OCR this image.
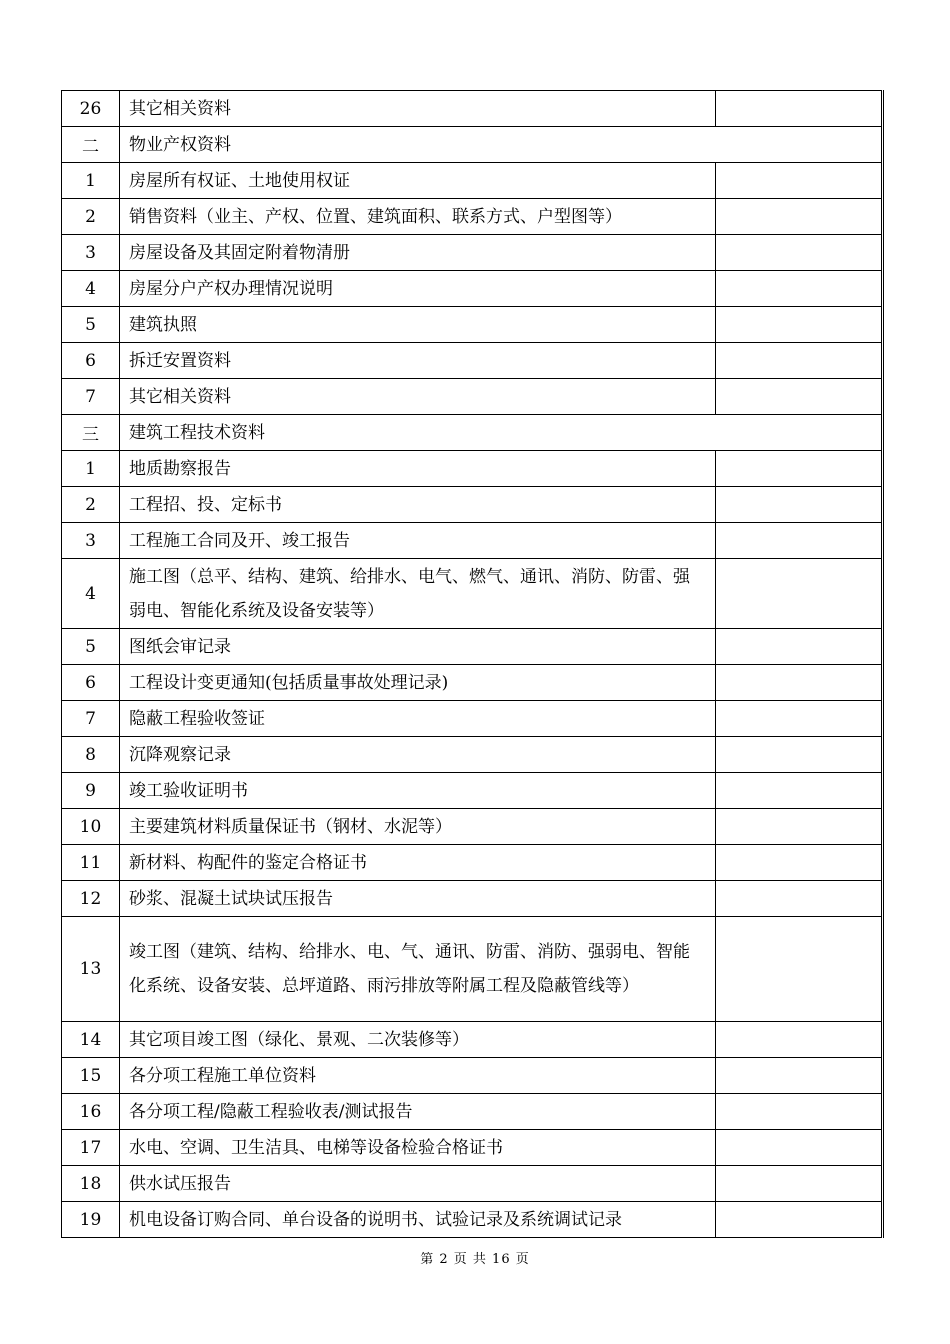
26	其它相关资料	
二	物业产权资料	
1	房屋所有权证、土地使用权证	
2	销售资料（业主、产权、位置、建筑面积、联系方式、户型图等）	
3	房屋设备及其固定附着物清册	
4	房屋分户产权办理情况说明	
5	建筑执照	
6	拆迁安置资料	
7	其它相关资料	
三	建筑工程技术资料	
1	地质勘察报告	
2	工程招、投、定标书	
3	工程施工合同及开、竣工报告	
4	施工图（总平、结构、建筑、给排水、电气、燃气、通讯、消防、防雷、强弱电、智能化系统及设备安装等）	
5	图纸会审记录	
6	工程设计变更通知(包括质量事故处理记录)	
7	隐蔽工程验收签证	
8	沉降观察记录	
9	竣工验收证明书	
10	主要建筑材料质量保证书（钢材、水泥等）	
11	新材料、构配件的鉴定合格证书	
12	砂浆、混凝土试块试压报告	
13	竣工图（建筑、结构、给排水、电、气、通讯、防雷、消防、强弱电、智能化系统、设备安装、总坪道路、雨污排放等附属工程及隐蔽管线等）	
14	其它项目竣工图（绿化、景观、二次装修等）	
15	各分项工程施工单位资料	
16	各分项工程/隐蔽工程验收表/测试报告	
17	水电、空调、卫生洁具、电梯等设备检验合格证书	
18	供水试压报告	
19	机电设备订购合同、单台设备的说明书、试验记录及系统调试记录	
第 2 页 共 16 页
